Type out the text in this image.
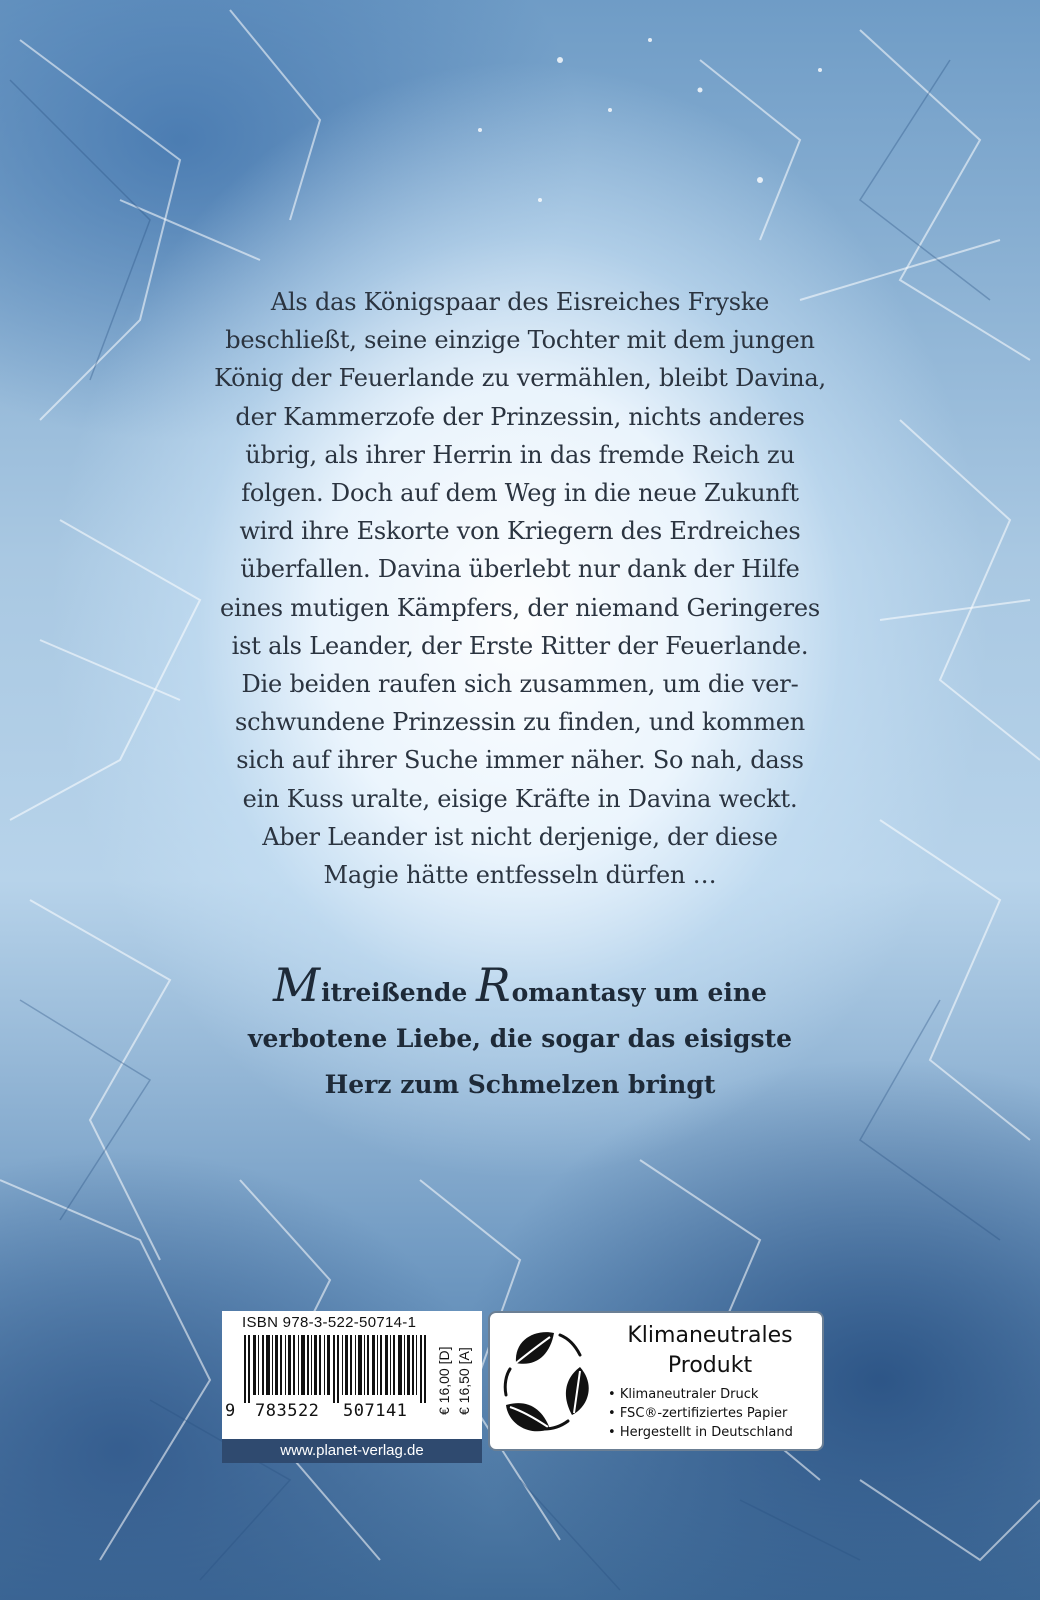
Als das Königspaar des Eisreiches Fryske
beschließt, seine einzige Tochter mit dem jungen
König der Feuerlande zu vermählen, bleibt Davina,
der Kammerzofe der Prinzessin, nichts anderes
übrig, als ihrer Herrin in das fremde Reich zu
folgen. Doch auf dem Weg in die neue Zukunft
wird ihre Eskorte von Kriegern des Erdreiches
überfallen. Davina überlebt nur dank der Hilfe
eines mutigen Kämpfers, der niemand Geringeres
ist als Leander, der Erste Ritter der Feuerlande.
Die beiden raufen sich zusammen, um die ver-
schwundene Prinzessin zu finden, und kommen
sich auf ihrer Suche immer näher. So nah, dass
ein Kuss uralte, eisige Kräfte in Davina weckt.
Aber Leander ist nicht derjenige, der diese
Magie hätte entfesseln dürfen …
Mitreißende Romantasy um eine
verbotene Liebe, die sogar das eisigste
Herz zum Schmelzen bringt
ISBN 978-3-522-50714-1
9 783522 507141 € 16,00 [D] € 16,50 [A]
www.planet-verlag.de
Klimaneutrales
Produkt
• Klimaneutraler Druck
• FSC®-zertifiziertes Papier
• Hergestellt in Deutschland
